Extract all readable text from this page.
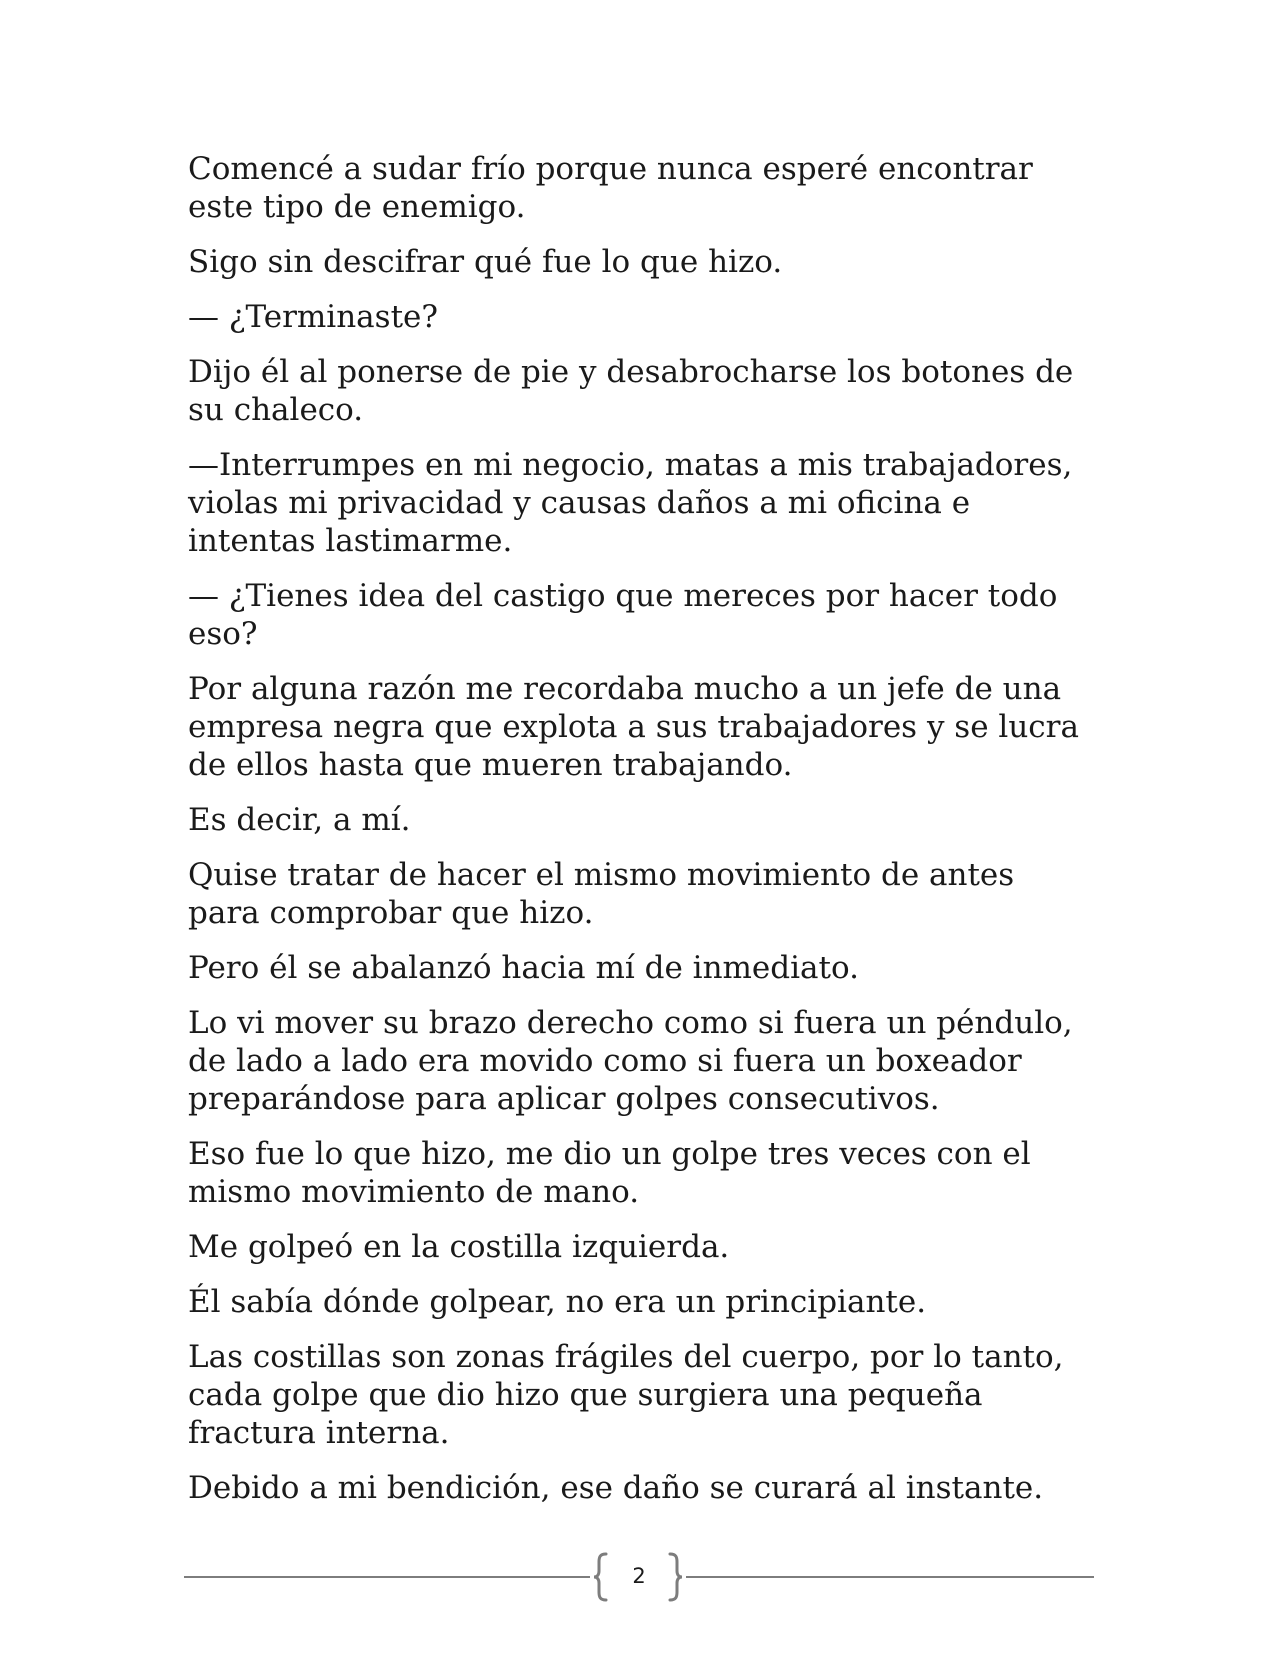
Comencé a sudar frío porque nunca esperé encontrar este tipo de enemigo.

Sigo sin descifrar qué fue lo que hizo.

— ¿Terminaste?

Dijo él al ponerse de pie y desabrocharse los botones de su chaleco.

—Interrumpes en mi negocio, matas a mis trabajadores, violas mi privacidad y causas daños a mi oficina e intentas lastimarme.

— ¿Tienes idea del castigo que mereces por hacer todo eso?

Por alguna razón me recordaba mucho a un jefe de una empresa negra que explota a sus trabajadores y se lucra de ellos hasta que mueren trabajando.

Es decir, a mí.

Quise tratar de hacer el mismo movimiento de antes para comprobar que hizo.

Pero él se abalanzó hacia mí de inmediato.

Lo vi mover su brazo derecho como si fuera un péndulo, de lado a lado era movido como si fuera un boxeador preparándose para aplicar golpes consecutivos.

Eso fue lo que hizo, me dio un golpe tres veces con el mismo movimiento de mano.

Me golpeó en la costilla izquierda.

Él sabía dónde golpear, no era un principiante.

Las costillas son zonas frágiles del cuerpo, por lo tanto, cada golpe que dio hizo que surgiera una pequeña fractura interna.

Debido a mi bendición, ese daño se curará al instante.

2
